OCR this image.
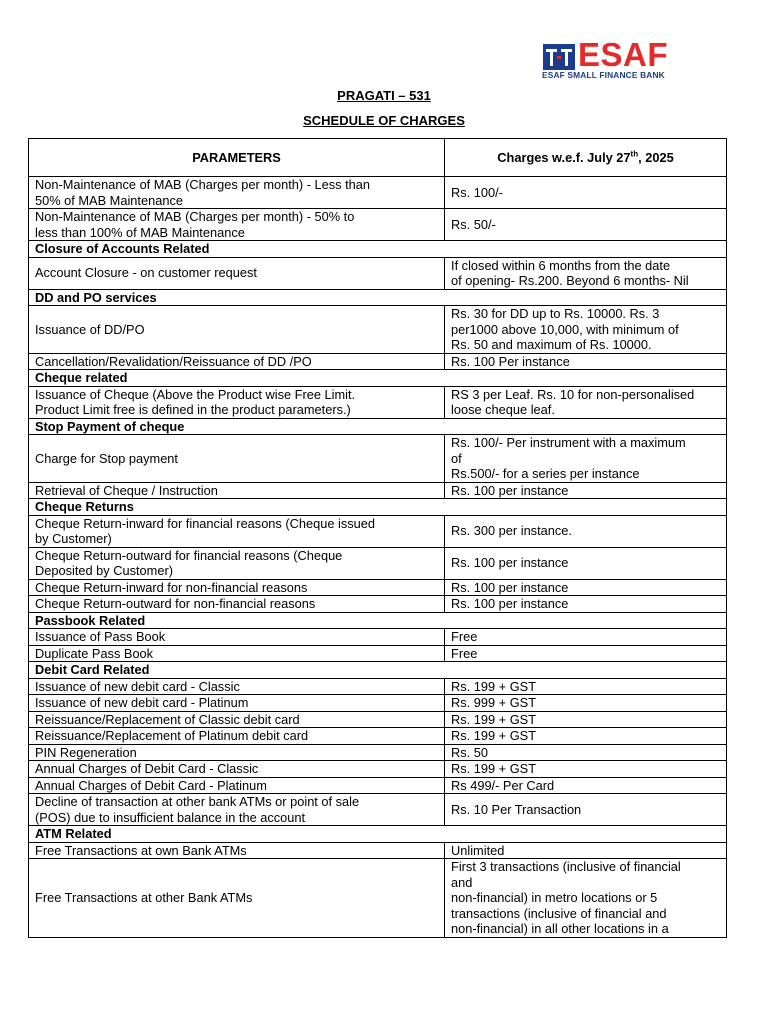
ESAF
ESAF SMALL FINANCE BANK
PRAGATI – 531
SCHEDULE OF CHARGES
PARAMETERS	Charges w.e.f. July 27th, 2025
Non-Maintenance of MAB (Charges per month) - Less than
50% of MAB Maintenance	Rs. 100/-
Non-Maintenance of MAB (Charges per month) - 50% to
less than 100% of MAB Maintenance	Rs. 50/-
Closure of Accounts Related	
Account Closure - on customer request	If closed within 6 months from the date
of opening- Rs.200. Beyond 6 months- Nil
DD and PO services	
Issuance of DD/PO	Rs. 30 for DD up to Rs. 10000. Rs. 3
per1000 above 10,000, with minimum of
Rs. 50 and maximum of Rs. 10000.
Cancellation/Revalidation/Reissuance of DD /PO	Rs. 100 Per instance
Cheque related	
Issuance of Cheque (Above the Product wise Free Limit.
Product Limit free is defined in the product parameters.)	RS 3 per Leaf. Rs. 10 for non-personalised
loose cheque leaf.
Stop Payment of cheque	
Charge for Stop payment	Rs. 100/- Per instrument with a maximum
of
Rs.500/- for a series per instance
Retrieval of Cheque / Instruction	Rs. 100 per instance
Cheque Returns	
Cheque Return-inward for financial reasons (Cheque issued
by Customer)	Rs. 300 per instance.
Cheque Return-outward for financial reasons (Cheque
Deposited by Customer)	Rs. 100 per instance
Cheque Return-inward for non-financial reasons	Rs. 100 per instance
Cheque Return-outward for non-financial reasons	Rs. 100 per instance
Passbook Related	
Issuance of Pass Book	Free
Duplicate Pass Book	Free
Debit Card Related	
Issuance of new debit card - Classic	Rs. 199 + GST
Issuance of new debit card - Platinum	Rs. 999 + GST
Reissuance/Replacement of Classic debit card	Rs. 199 + GST
Reissuance/Replacement of Platinum debit card	Rs. 199 + GST
PIN Regeneration	Rs. 50
Annual Charges of Debit Card - Classic	Rs. 199 + GST
Annual Charges of Debit Card - Platinum	Rs 499/- Per Card
Decline of transaction at other bank ATMs or point of sale
(POS) due to insufficient balance in the account	Rs. 10 Per Transaction
ATM Related	
Free Transactions at own Bank ATMs	Unlimited
Free Transactions at other Bank ATMs	First 3 transactions (inclusive of financial
and
non-financial) in metro locations or 5
transactions (inclusive of financial and
non-financial) in all other locations in a
